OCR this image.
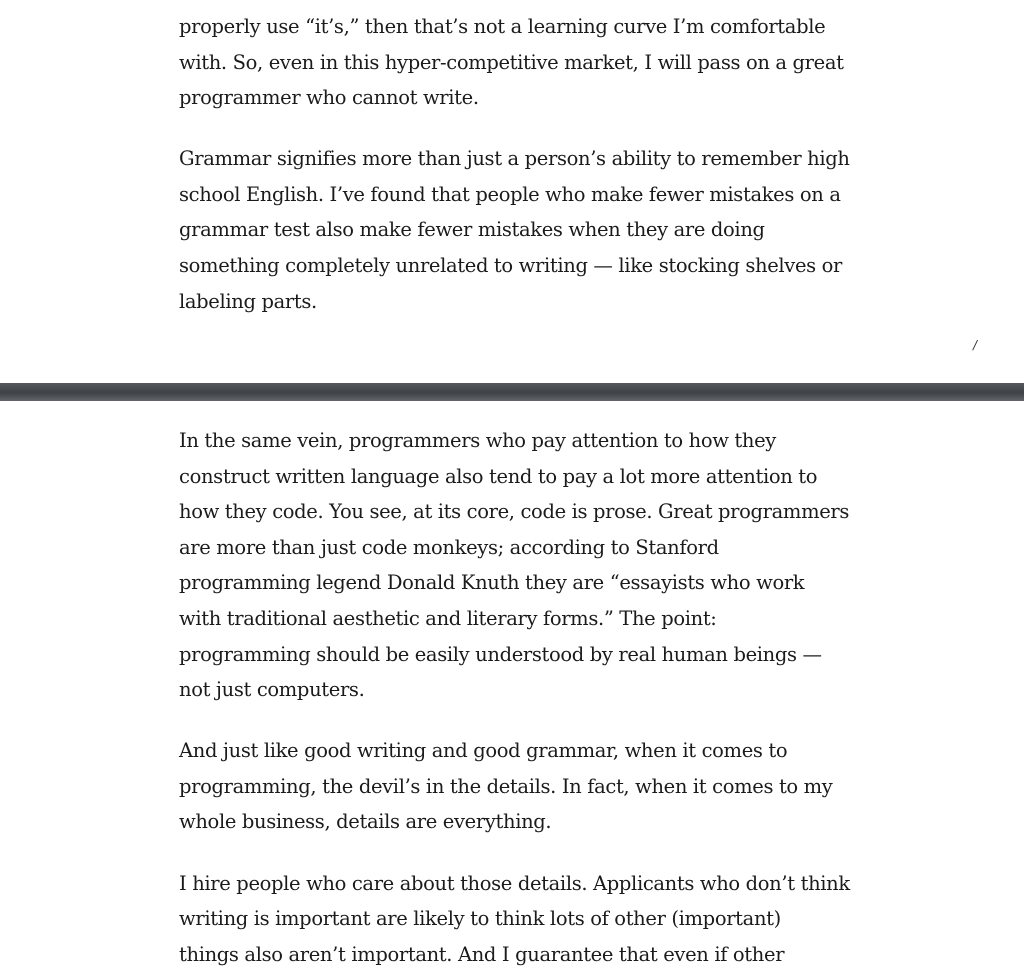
properly use “it’s,” then that’s not a learning curve I’m comfortable
with. So, even in this hyper-competitive market, I will pass on a great
programmer who cannot write.

Grammar signifies more than just a person’s ability to remember high
school English. I’ve found that people who make fewer mistakes on a
grammar test also make fewer mistakes when they are doing
something completely unrelated to writing — like stocking shelves or
labeling parts.

/

In the same vein, programmers who pay attention to how they
construct written language also tend to pay a lot more attention to
how they code. You see, at its core, code is prose. Great programmers
are more than just code monkeys; according to Stanford
programming legend Donald Knuth they are “essayists who work
with traditional aesthetic and literary forms.” The point:
programming should be easily understood by real human beings —
not just computers.

And just like good writing and good grammar, when it comes to
programming, the devil’s in the details. In fact, when it comes to my
whole business, details are everything.

I hire people who care about those details. Applicants who don’t think
writing is important are likely to think lots of other (important)
things also aren’t important. And I guarantee that even if other
